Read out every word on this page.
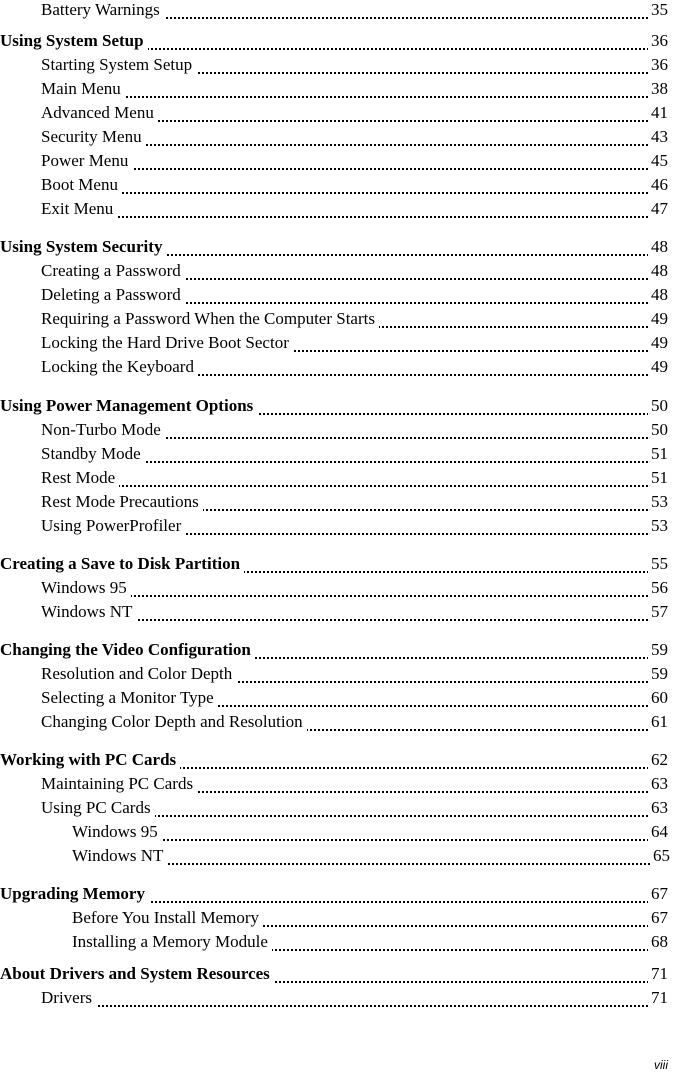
Battery Warnings	35
Using System Setup	36
Starting System Setup	36
Main Menu	38
Advanced Menu	41
Security Menu	43
Power Menu	45
Boot Menu	46
Exit Menu	47
Using System Security	48
Creating a Password	48
Deleting a Password	48
Requiring a Password When the Computer Starts	49
Locking the Hard Drive Boot Sector	49
Locking the Keyboard	49
Using Power Management Options	50
Non-Turbo Mode	50
Standby Mode	51
Rest Mode	51
Rest Mode Precautions	53
Using PowerProfiler	53
Creating a Save to Disk Partition	55
Windows 95	56
Windows NT	57
Changing the Video Configuration	59
Resolution and Color Depth	59
Selecting a Monitor Type	60
Changing Color Depth and Resolution	61
Working with PC Cards	62
Maintaining PC Cards	63
Using PC Cards	63
Windows 95	64
Windows NT	65
Upgrading Memory	67
Before You Install Memory	67
Installing a Memory Module	68
About Drivers and System Resources	71
Drivers	71
viii
